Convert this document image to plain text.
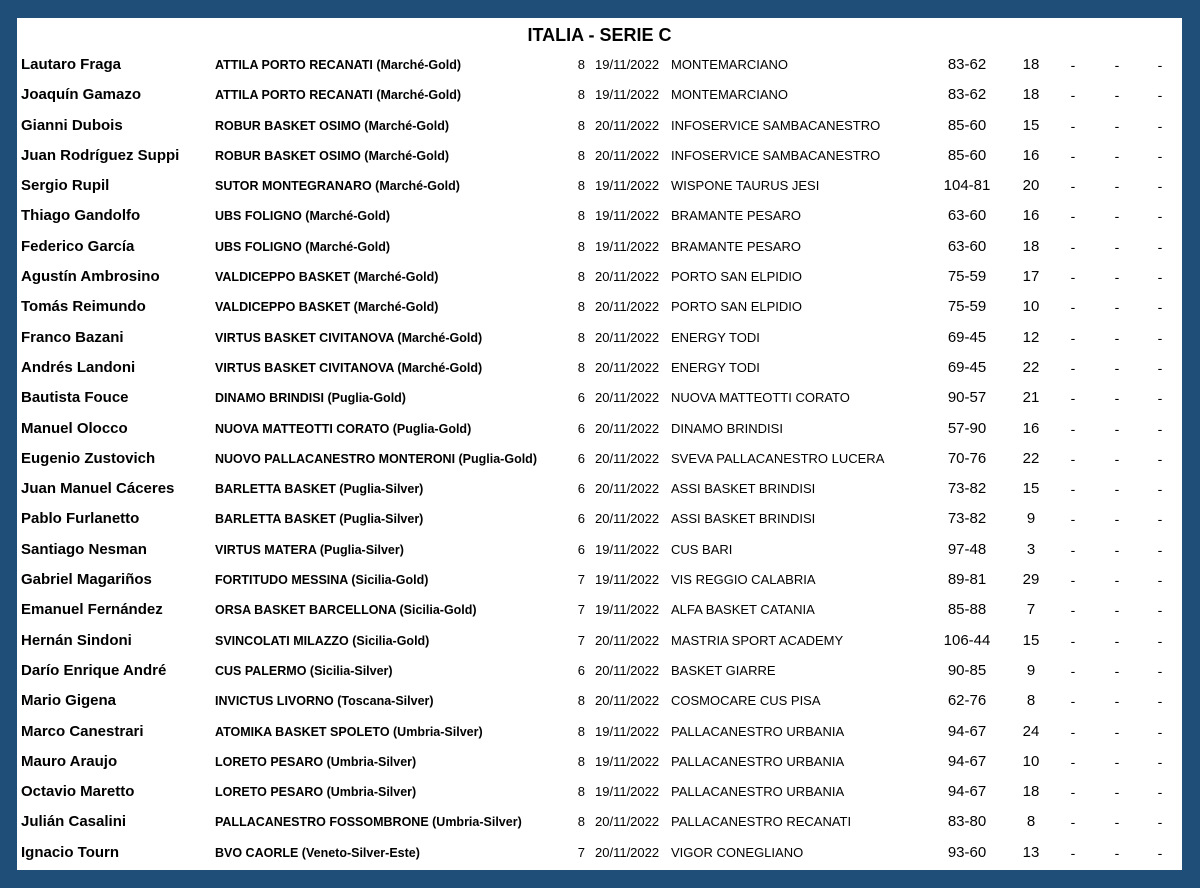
ITALIA - SERIE C
Lautaro Fraga	ATTILA PORTO RECANATI (Marché-Gold)	8 19/11/2022 MONTEMARCIANO	83-62	18	-	-	-
Joaquín Gamazo	ATTILA PORTO RECANATI (Marché-Gold)	8 19/11/2022 MONTEMARCIANO	83-62	18	-	-	-
Gianni Dubois	ROBUR BASKET OSIMO (Marché-Gold)	8 20/11/2022 INFOSERVICE SAMBACANESTRO	85-60	15	-	-	-
Juan Rodríguez Suppi	ROBUR BASKET OSIMO (Marché-Gold)	8 20/11/2022 INFOSERVICE SAMBACANESTRO	85-60	16	-	-	-
Sergio Rupil	SUTOR MONTEGRANARO (Marché-Gold)	8 19/11/2022 WISPONE TAURUS JESI	104-81	20	-	-	-
Thiago Gandolfo	UBS FOLIGNO (Marché-Gold)	8 19/11/2022 BRAMANTE PESARO	63-60	16	-	-	-
Federico García	UBS FOLIGNO (Marché-Gold)	8 19/11/2022 BRAMANTE PESARO	63-60	18	-	-	-
Agustín Ambrosino	VALDICEPPO BASKET (Marché-Gold)	8 20/11/2022 PORTO SAN ELPIDIO	75-59	17	-	-	-
Tomás Reimundo	VALDICEPPO BASKET (Marché-Gold)	8 20/11/2022 PORTO SAN ELPIDIO	75-59	10	-	-	-
Franco Bazani	VIRTUS BASKET CIVITANOVA (Marché-Gold)	8 20/11/2022 ENERGY TODI	69-45	12	-	-	-
Andrés Landoni	VIRTUS BASKET CIVITANOVA (Marché-Gold)	8 20/11/2022 ENERGY TODI	69-45	22	-	-	-
Bautista Fouce	DINAMO BRINDISI (Puglia-Gold)	6 20/11/2022 NUOVA MATTEOTTI CORATO	90-57	21	-	-	-
Manuel Olocco	NUOVA MATTEOTTI CORATO (Puglia-Gold)	6 20/11/2022 DINAMO BRINDISI	57-90	16	-	-	-
Eugenio Zustovich	NUOVO PALLACANESTRO MONTERONI (Puglia-Gold)	6 20/11/2022 SVEVA PALLACANESTRO LUCERA	70-76	22	-	-	-
Juan Manuel Cáceres	BARLETTA BASKET (Puglia-Silver)	6 20/11/2022 ASSI BASKET BRINDISI	73-82	15	-	-	-
Pablo Furlanetto	BARLETTA BASKET (Puglia-Silver)	6 20/11/2022 ASSI BASKET BRINDISI	73-82	9	-	-	-
Santiago Nesman	VIRTUS MATERA (Puglia-Silver)	6 19/11/2022 CUS BARI	97-48	3	-	-	-
Gabriel Magariños	FORTITUDO MESSINA (Sicilia-Gold)	7 19/11/2022 VIS REGGIO CALABRIA	89-81	29	-	-	-
Emanuel Fernández	ORSA BASKET BARCELLONA (Sicilia-Gold)	7 19/11/2022 ALFA BASKET CATANIA	85-88	7	-	-	-
Hernán Sindoni	SVINCOLATI MILAZZO (Sicilia-Gold)	7 20/11/2022 MASTRIA SPORT ACADEMY	106-44	15	-	-	-
Darío Enrique André	CUS PALERMO (Sicilia-Silver)	6 20/11/2022 BASKET GIARRE	90-85	9	-	-	-
Mario Gigena	INVICTUS LIVORNO (Toscana-Silver)	8 20/11/2022 COSMOCARE CUS PISA	62-76	8	-	-	-
Marco Canestrari	ATOMIKA BASKET SPOLETO (Umbria-Silver)	8 19/11/2022 PALLACANESTRO URBANIA	94-67	24	-	-	-
Mauro Araujo	LORETO PESARO (Umbria-Silver)	8 19/11/2022 PALLACANESTRO URBANIA	94-67	10	-	-	-
Octavio Maretto	LORETO PESARO (Umbria-Silver)	8 19/11/2022 PALLACANESTRO URBANIA	94-67	18	-	-	-
Julián Casalini	PALLACANESTRO FOSSOMBRONE (Umbria-Silver)	8 20/11/2022 PALLACANESTRO RECANATI	83-80	8	-	-	-
Ignacio Tourn	BVO CAORLE (Veneto-Silver-Este)	7 20/11/2022 VIGOR CONEGLIANO	93-60	13	-	-	-
